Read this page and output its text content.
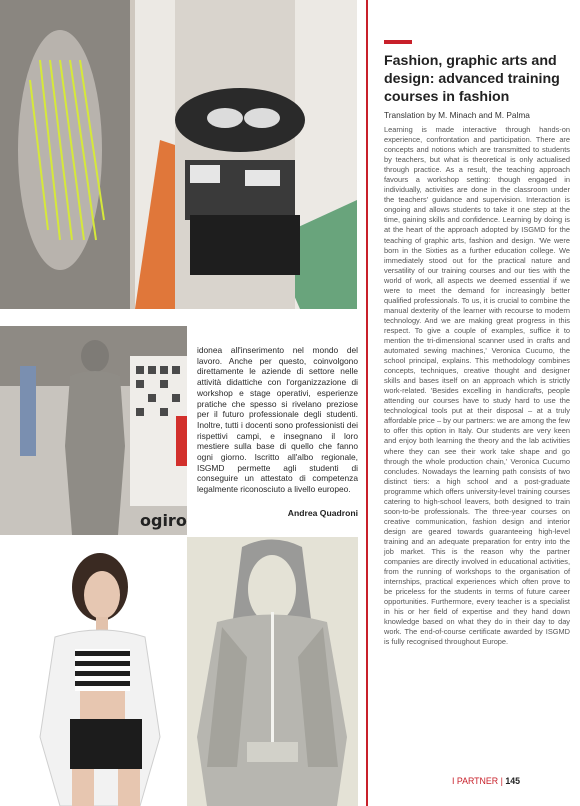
ogiro
Fashion, graphic arts and design: advanced training courses in fashion
Translation by M. Minach and M. Palma

Learning is made interactive through hands-on experience, confrontation and participation. There are concepts and notions which are transmitted to students by teachers, but what is theoretical is only actualised through practice. As a result, the teaching approach favours a workshop setting: though engaged in individually, activities are done in the classroom under the teachers' guidance and supervision. Interaction is ongoing and allows students to take it one step at the time, gaining skills and confidence. Learning by doing is at the heart of the approach adopted by ISGMD for the teaching of graphic arts, fashion and design. 'We were born in the Sixties as a further education college. We immediately stood out for the practical nature and versatility of our training courses and our ties with the world of work, all aspects we deemed essential if we were to meet the demand for increasingly better qualified professionals. To us, it is crucial to combine the manual dexterity of the learner with recourse to modern technology. And we are making great progress in this respect. To give a couple of examples, suffice it to mention the tri-dimensional scanner used in crafts and automated sewing machines,' Veronica Cucumo, the school principal, explains. This methodology combines concepts, techniques, creative thought and designer skills and bases itself on an approach which is strictly work-related. 'Besides excelling in handicrafts, people attending our courses have to study hard to use the technological tools put at their disposal – at a truly affordable price – by our partners: we are among the few to offer this option in Italy. Our students are very keen and enjoy both learning the theory and the lab activities where they can see their work take shape and go through the whole production chain,' Veronica Cucumo concludes. Nowadays the learning path consists of two distinct tiers: a high school and a post-graduate programme which offers university-level training courses catering to high-school leavers, both designed to train soon-to-be professionals. The three-year courses on creative communication, fashion design and interior design are geared towards guaranteeing high-level training and an adequate preparation for entry into the job market. This is the reason why the partner companies are directly involved in educational activities, from the running of workshops to the organisation of internships, practical experiences which often prove to be priceless for the students in terms of future career opportunities. Furthermore, every teacher is a specialist in his or her field of expertise and they hand down knowledge based on what they do in their day to day work. The end-of-course certificate awarded by ISGMD is fully recognised throughout Europe.

idonea all'inserimento nel mondo del lavoro. Anche per questo, coinvolgono direttamente le aziende di settore nelle attività didattiche con l'organizzazione di workshop e stage operativi, esperienze pratiche che spesso si rivelano preziose per il futuro professionale degli studenti. Inoltre, tutti i docenti sono professionisti dei rispettivi campi, e insegnano il loro mestiere sulla base di quello che fanno ogni giorno. Iscritto all'albo regionale, ISGMD permette agli studenti di conseguire un attestato di competenza legalmente riconosciuto a livello europeo.

Andrea Quadroni
I PARTNER | 145
